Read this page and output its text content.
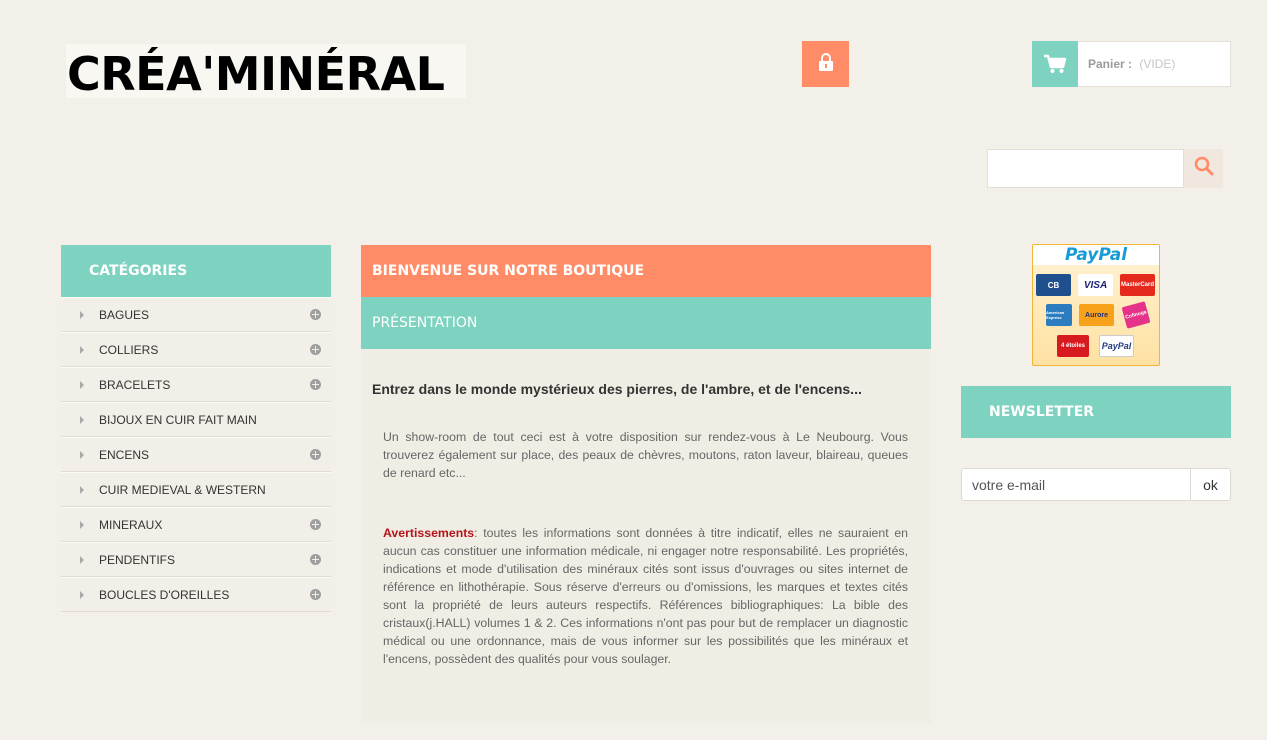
CRÉA'MINÉRAL	Panier : (VIDE)
CATÉGORIES
BAGUES
COLLIERS
BRACELETS
BIJOUX EN CUIR FAIT MAIN
ENCENS
CUIR MEDIEVAL & WESTERN
MINERAUX
PENDENTIFS
BOUCLES D'OREILLES
BIENVENUE SUR NOTRE BOUTIQUE
PRÉSENTATION
Entrez dans le monde mystérieux des pierres, de l'ambre, et de l'encens...

Un show-room de tout ceci est à votre disposition sur rendez-vous à Le Neubourg. Vous trouverez également sur place, des peaux de chèvres, moutons, raton laveur, blaireau, queues de renard etc...

Avertissements: toutes les informations sont données à titre indicatif, elles ne sauraient en aucun cas constituer une information médicale, ni engager notre responsabilité. Les propriétés, indications et mode d'utilisation des minéraux cités sont issus d'ouvrages ou sites internet de référence en lithothérapie. Sous réserve d'erreurs ou d'omissions, les marques et textes cités sont la propriété de leurs auteurs respectifs. Références bibliographiques: La bible des cristaux(j.HALL) volumes 1 & 2. Ces informations n'ont pas pour but de remplacer un diagnostic médical ou une ordonnance, mais de vous informer sur les possibilités que les minéraux et l'encens, possèdent des qualités pour vous soulager.

PayPal
CB	VISA	MasterCard
American Express	Aurore	Cofinoga
4 étoiles	PayPal
NEWSLETTER
votre e-mail
ok
